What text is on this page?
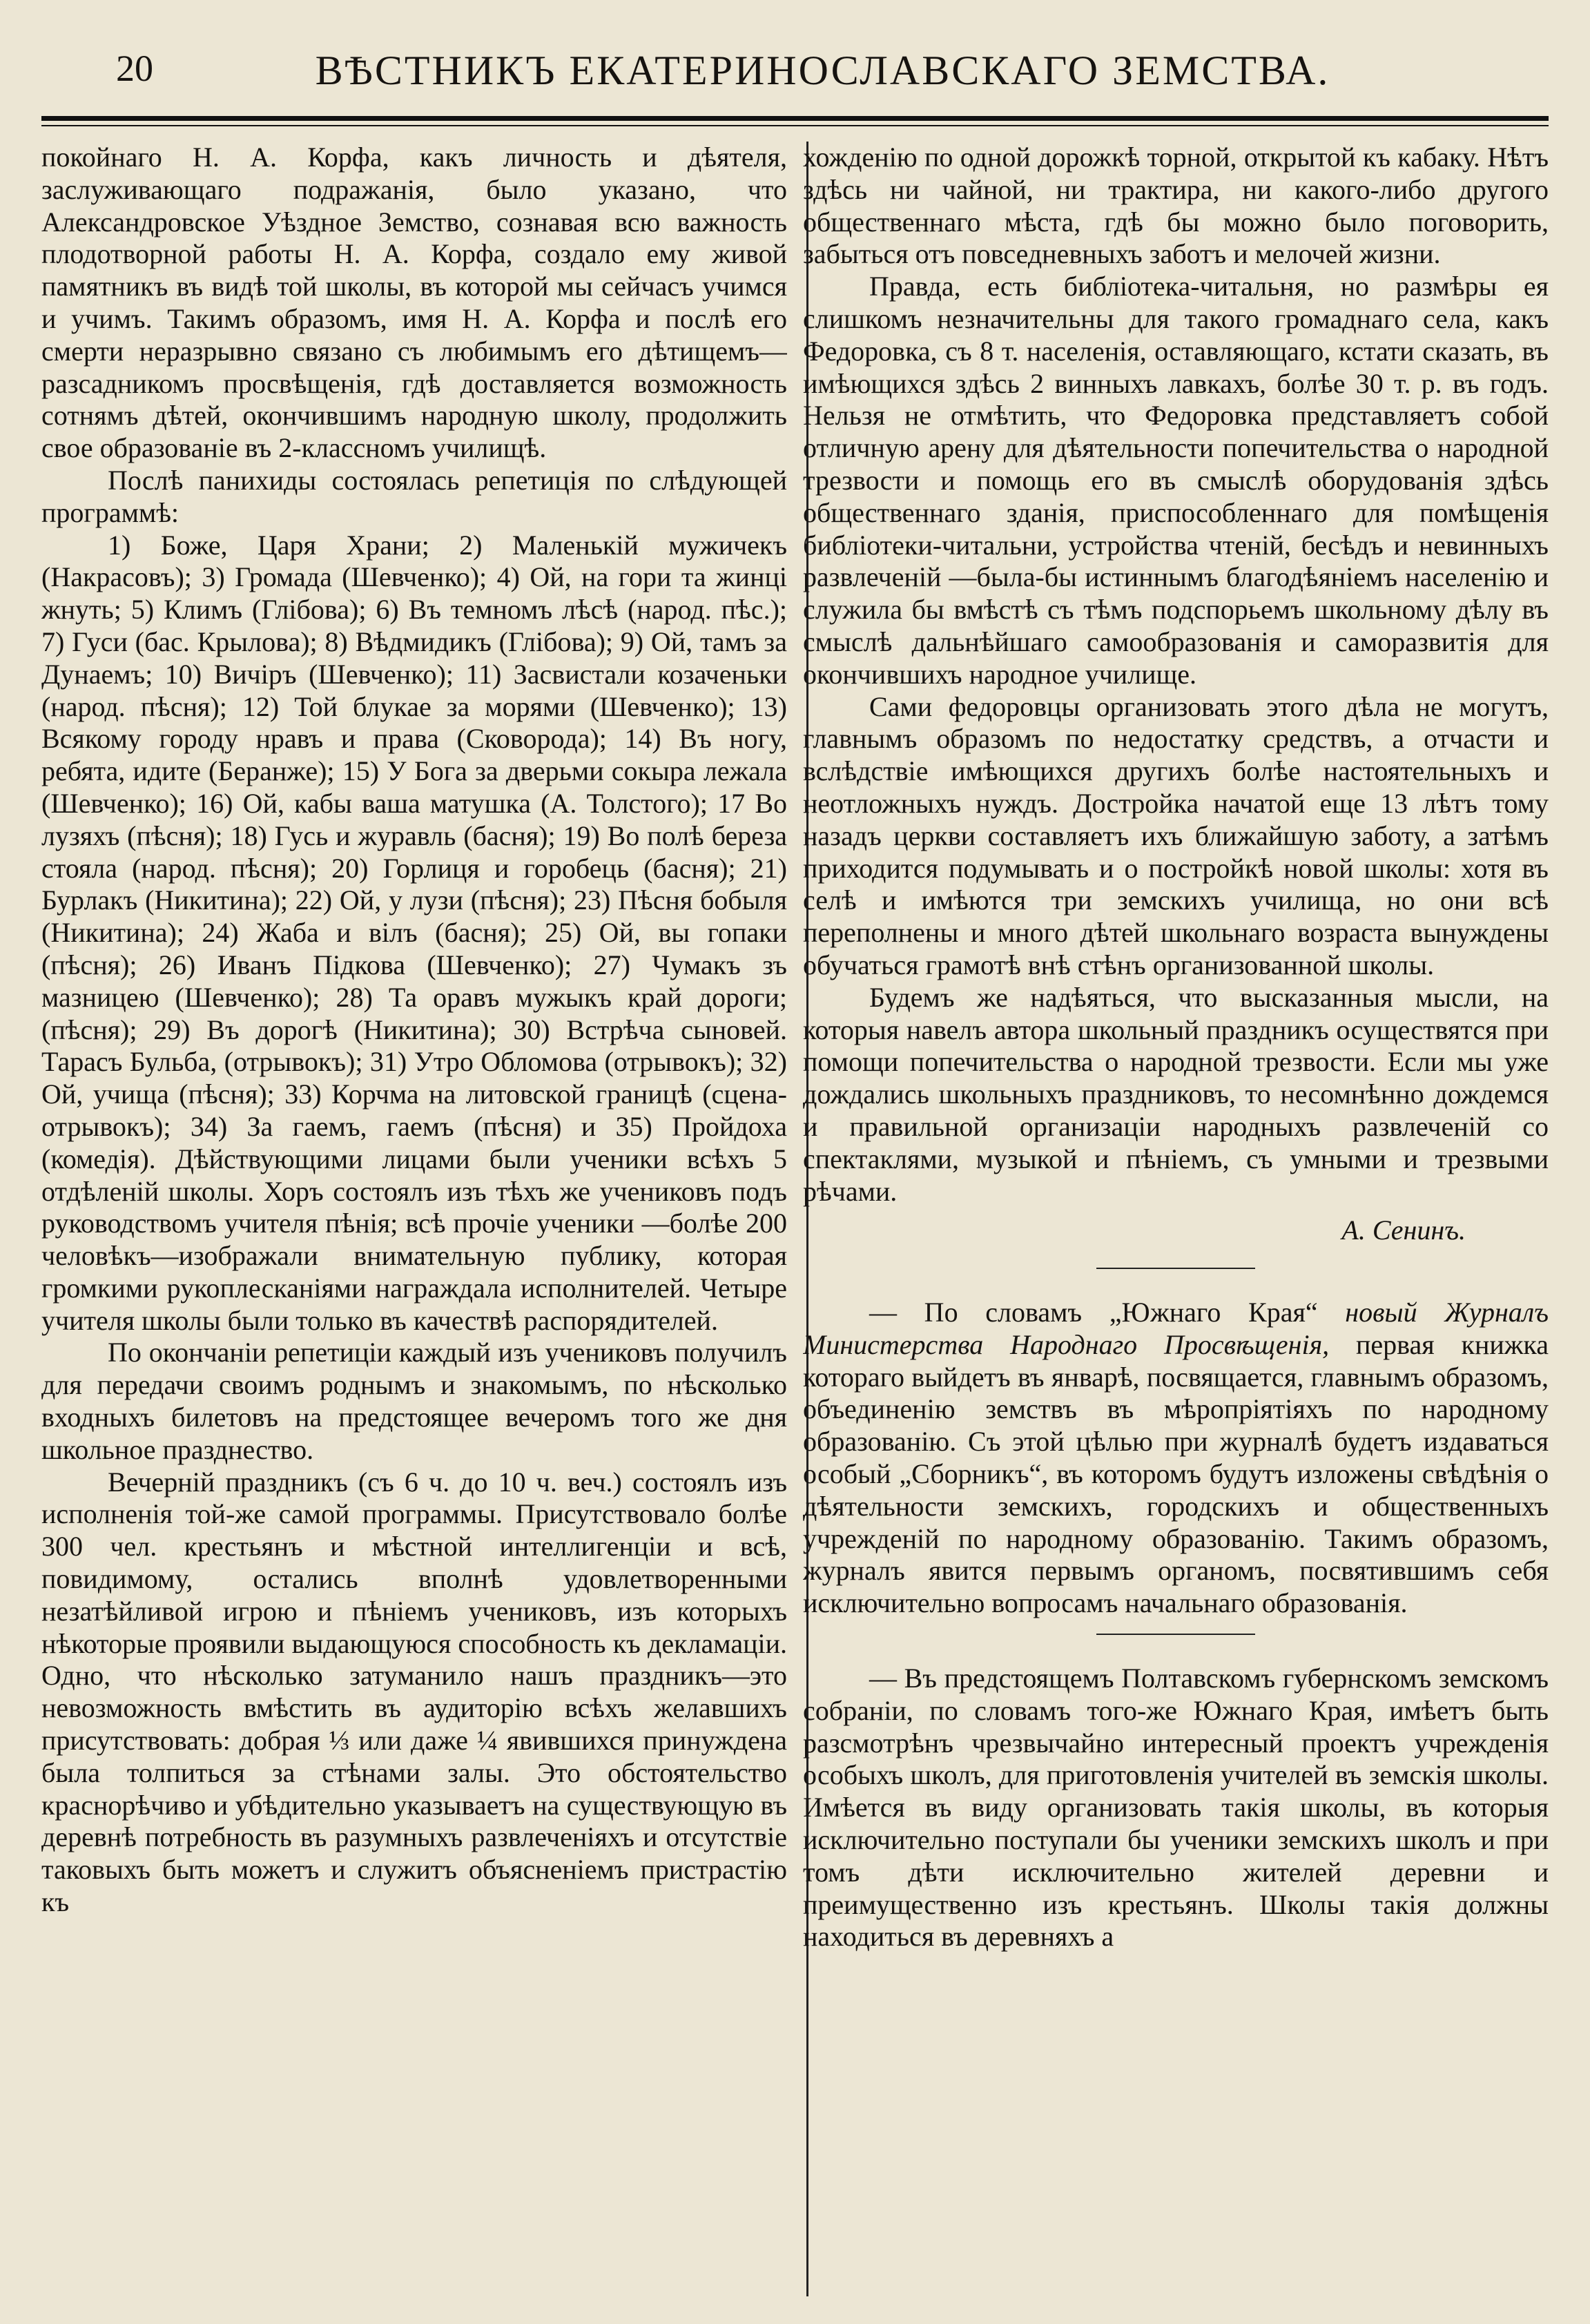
20	ВѢСТНИКЪ ЕКАТЕРИНОСЛАВСКАГО ЗЕМСТВА.

покойнаго Н. А. Корфа, какъ личность и дѣятеля, заслуживающаго подражанія, было указано, что Александровское Уѣздное Земство, сознавая всю важность плодотворной работы Н. А. Корфа, создало ему живой памятникъ въ видѣ той школы, въ которой мы сейчасъ учимся и учимъ. Такимъ образомъ, имя Н. А. Корфа и послѣ его смерти неразрывно связано съ любимымъ его дѣтищемъ—разсадникомъ просвѣщенія, гдѣ доставляется возможность сотнямъ дѣтей, окончившимъ народную школу, продолжить свое образованіе въ 2-классномъ училищѣ.

Послѣ панихиды состоялась репетиція по слѣдующей программѣ:

1) Боже, Царя Храни; 2) Маленькій мужичекъ (Накрасовъ); 3) Громада (Шевченко); 4) Ой, на гори та жинці жнуть; 5) Климъ (Глібова); 6) Въ темномъ лѣсѣ (народ. пѣс.); 7) Гуси (бас. Крылова); 8) Вѣдмидикъ (Глібова); 9) Ой, тамъ за Дунаемъ; 10) Вичіръ (Шевченко); 11) Засвистали козаченьки (народ. пѣсня); 12) Той блукае за морями (Шевченко); 13) Всякому городу нравъ и права (Сковорода); 14) Въ ногу, ребята, идите (Беранже); 15) У Бога за дверьми сокыра лежала (Шевченко); 16) Ой, кабы ваша матушка (А. Толстого); 17 Во лузяхъ (пѣсня); 18) Гусь и журавль (басня); 19) Во полѣ береза стояла (народ. пѣсня); 20) Горлиця и горобець (басня); 21) Бурлакъ (Никитина); 22) Ой, у лузи (пѣсня); 23) Пѣсня бобыля (Никитина); 24) Жаба и вілъ (басня); 25) Ой, вы гопаки (пѣсня); 26) Иванъ Підкова (Шевченко); 27) Чумакъ зъ мазницею (Шевченко); 28) Та оравъ мужыкъ край дороги; (пѣсня); 29) Въ дорогѣ (Никитина); 30) Встрѣча сыновей. Тарасъ Бульба, (отрывокъ); 31) Утро Обломова (отрывокъ); 32) Ой, учища (пѣсня); 33) Корчма на литовской границѣ (сцена-отрывокъ); 34) За гаемъ, гаемъ (пѣсня) и 35) Пройдоха (комедія). Дѣйствующими лицами были ученики всѣхъ 5 отдѣленій школы. Хоръ состоялъ изъ тѣхъ же учениковъ подъ руководствомъ учителя пѣнія; всѣ прочіе ученики —болѣе 200 человѣкъ—изображали внимательную публику, которая громкими рукоплесканіями награждала исполнителей. Четыре учителя школы были только въ качествѣ распорядителей.

По окончаніи репетиціи каждый изъ учениковъ получилъ для передачи своимъ роднымъ и знакомымъ, по нѣсколько входныхъ билетовъ на предстоящее вечеромъ того же дня школьное празднество.

Вечерній праздникъ (съ 6 ч. до 10 ч. веч.) состоялъ изъ исполненія той-же самой программы. Присутствовало болѣе 300 чел. крестьянъ и мѣстной интеллигенціи и всѣ, повидимому, остались вполнѣ удовлетворенными незатѣйливой игрою и пѣніемъ учениковъ, изъ которыхъ нѣкоторые проявили выдающуюся способность къ декламаціи. Одно, что нѣсколько затуманило нашъ праздникъ—это невозможность вмѣстить въ аудиторію всѣхъ желавшихъ присутствовать: добрая ⅓ или даже ¼ явившихся принуждена была толпиться за стѣнами залы. Это обстоятельство краснорѣчиво и убѣдительно указываетъ на существующую въ деревнѣ потребность въ разумныхъ развлеченіяхъ и отсутствіе таковыхъ быть можетъ и служитъ объясненіемъ пристрастію къ

хожденію по одной дорожкѣ торной, открытой къ кабаку. Нѣтъ здѣсь ни чайной, ни трактира, ни какого-либо другого общественнаго мѣста, гдѣ бы можно было поговорить, забыться отъ повседневныхъ заботъ и мелочей жизни.

Правда, есть библіотека-читальня, но размѣры ея слишкомъ незначительны для такого громаднаго села, какъ Федоровка, съ 8 т. населенія, оставляющаго, кстати сказать, въ имѣющихся здѣсь 2 винныхъ лавкахъ, болѣе 30 т. р. въ годъ. Нельзя не отмѣтить, что Федоровка представляетъ собой отличную арену для дѣятельности попечительства о народной трезвости и помощь его въ смыслѣ оборудованія здѣсь общественнаго зданія, приспособленнаго для помѣщенія библіотеки-читальни, устройства чтеній, бесѣдъ и невинныхъ развлеченій —была-бы истиннымъ благодѣяніемъ населенію и служила бы вмѣстѣ съ тѣмъ подспорьемъ школьному дѣлу въ смыслѣ дальнѣйшаго самообразованія и саморазвитія для окончившихъ народное училище.

Сами федоровцы организовать этого дѣла не могутъ, главнымъ образомъ по недостатку средствъ, а отчасти и вслѣдствіе имѣющихся другихъ болѣе настоятельныхъ и неотложныхъ нуждъ. Достройка начатой еще 13 лѣтъ тому назадъ церкви составляетъ ихъ ближайшую заботу, а затѣмъ приходится подумывать и о постройкѣ новой школы: хотя въ селѣ и имѣются три земскихъ училища, но они всѣ переполнены и много дѣтей школьнаго возраста вынуждены обучаться грамотѣ внѣ стѣнъ организованной школы.

Будемъ же надѣяться, что высказанныя мысли, на которыя навелъ автора школьный праздникъ осуществятся при помощи попечительства о народной трезвости. Если мы уже дождались школьныхъ праздниковъ, то несомнѣнно дождемся и правильной организаціи народныхъ развлеченій со спектаклями, музыкой и пѣніемъ, съ умными и трезвыми рѣчами.

А. Сенинъ.

— По словамъ „Южнаго Края“ новый Журналъ Министерства Народнаго Просвѣщенія, первая книжка котораго выйдетъ въ январѣ, посвящается, главнымъ образомъ, объединенію земствъ въ мѣропріятіяхъ по народному образованію. Съ этой цѣлью при журналѣ будетъ издаваться особый „Сборникъ“, въ которомъ будутъ изложены свѣдѣнія о дѣятельности земскихъ, городскихъ и общественныхъ учрежденій по народному образованію. Такимъ образомъ, журналъ явится первымъ органомъ, посвятившимъ себя исключительно вопросамъ начальнаго образованія.

— Въ предстоящемъ Полтавскомъ губернскомъ земскомъ собраніи, по словамъ того-же Южнаго Края, имѣетъ быть разсмотрѣнъ чрезвычайно интересный проектъ учрежденія особыхъ школъ, для приготовленія учителей въ земскія школы. Имѣется въ виду организовать такія школы, въ которыя исключительно поступали бы ученики земскихъ школъ и при томъ дѣти исключительно жителей деревни и преимущественно изъ крестьянъ. Школы такія должны находиться въ деревняхъ а
